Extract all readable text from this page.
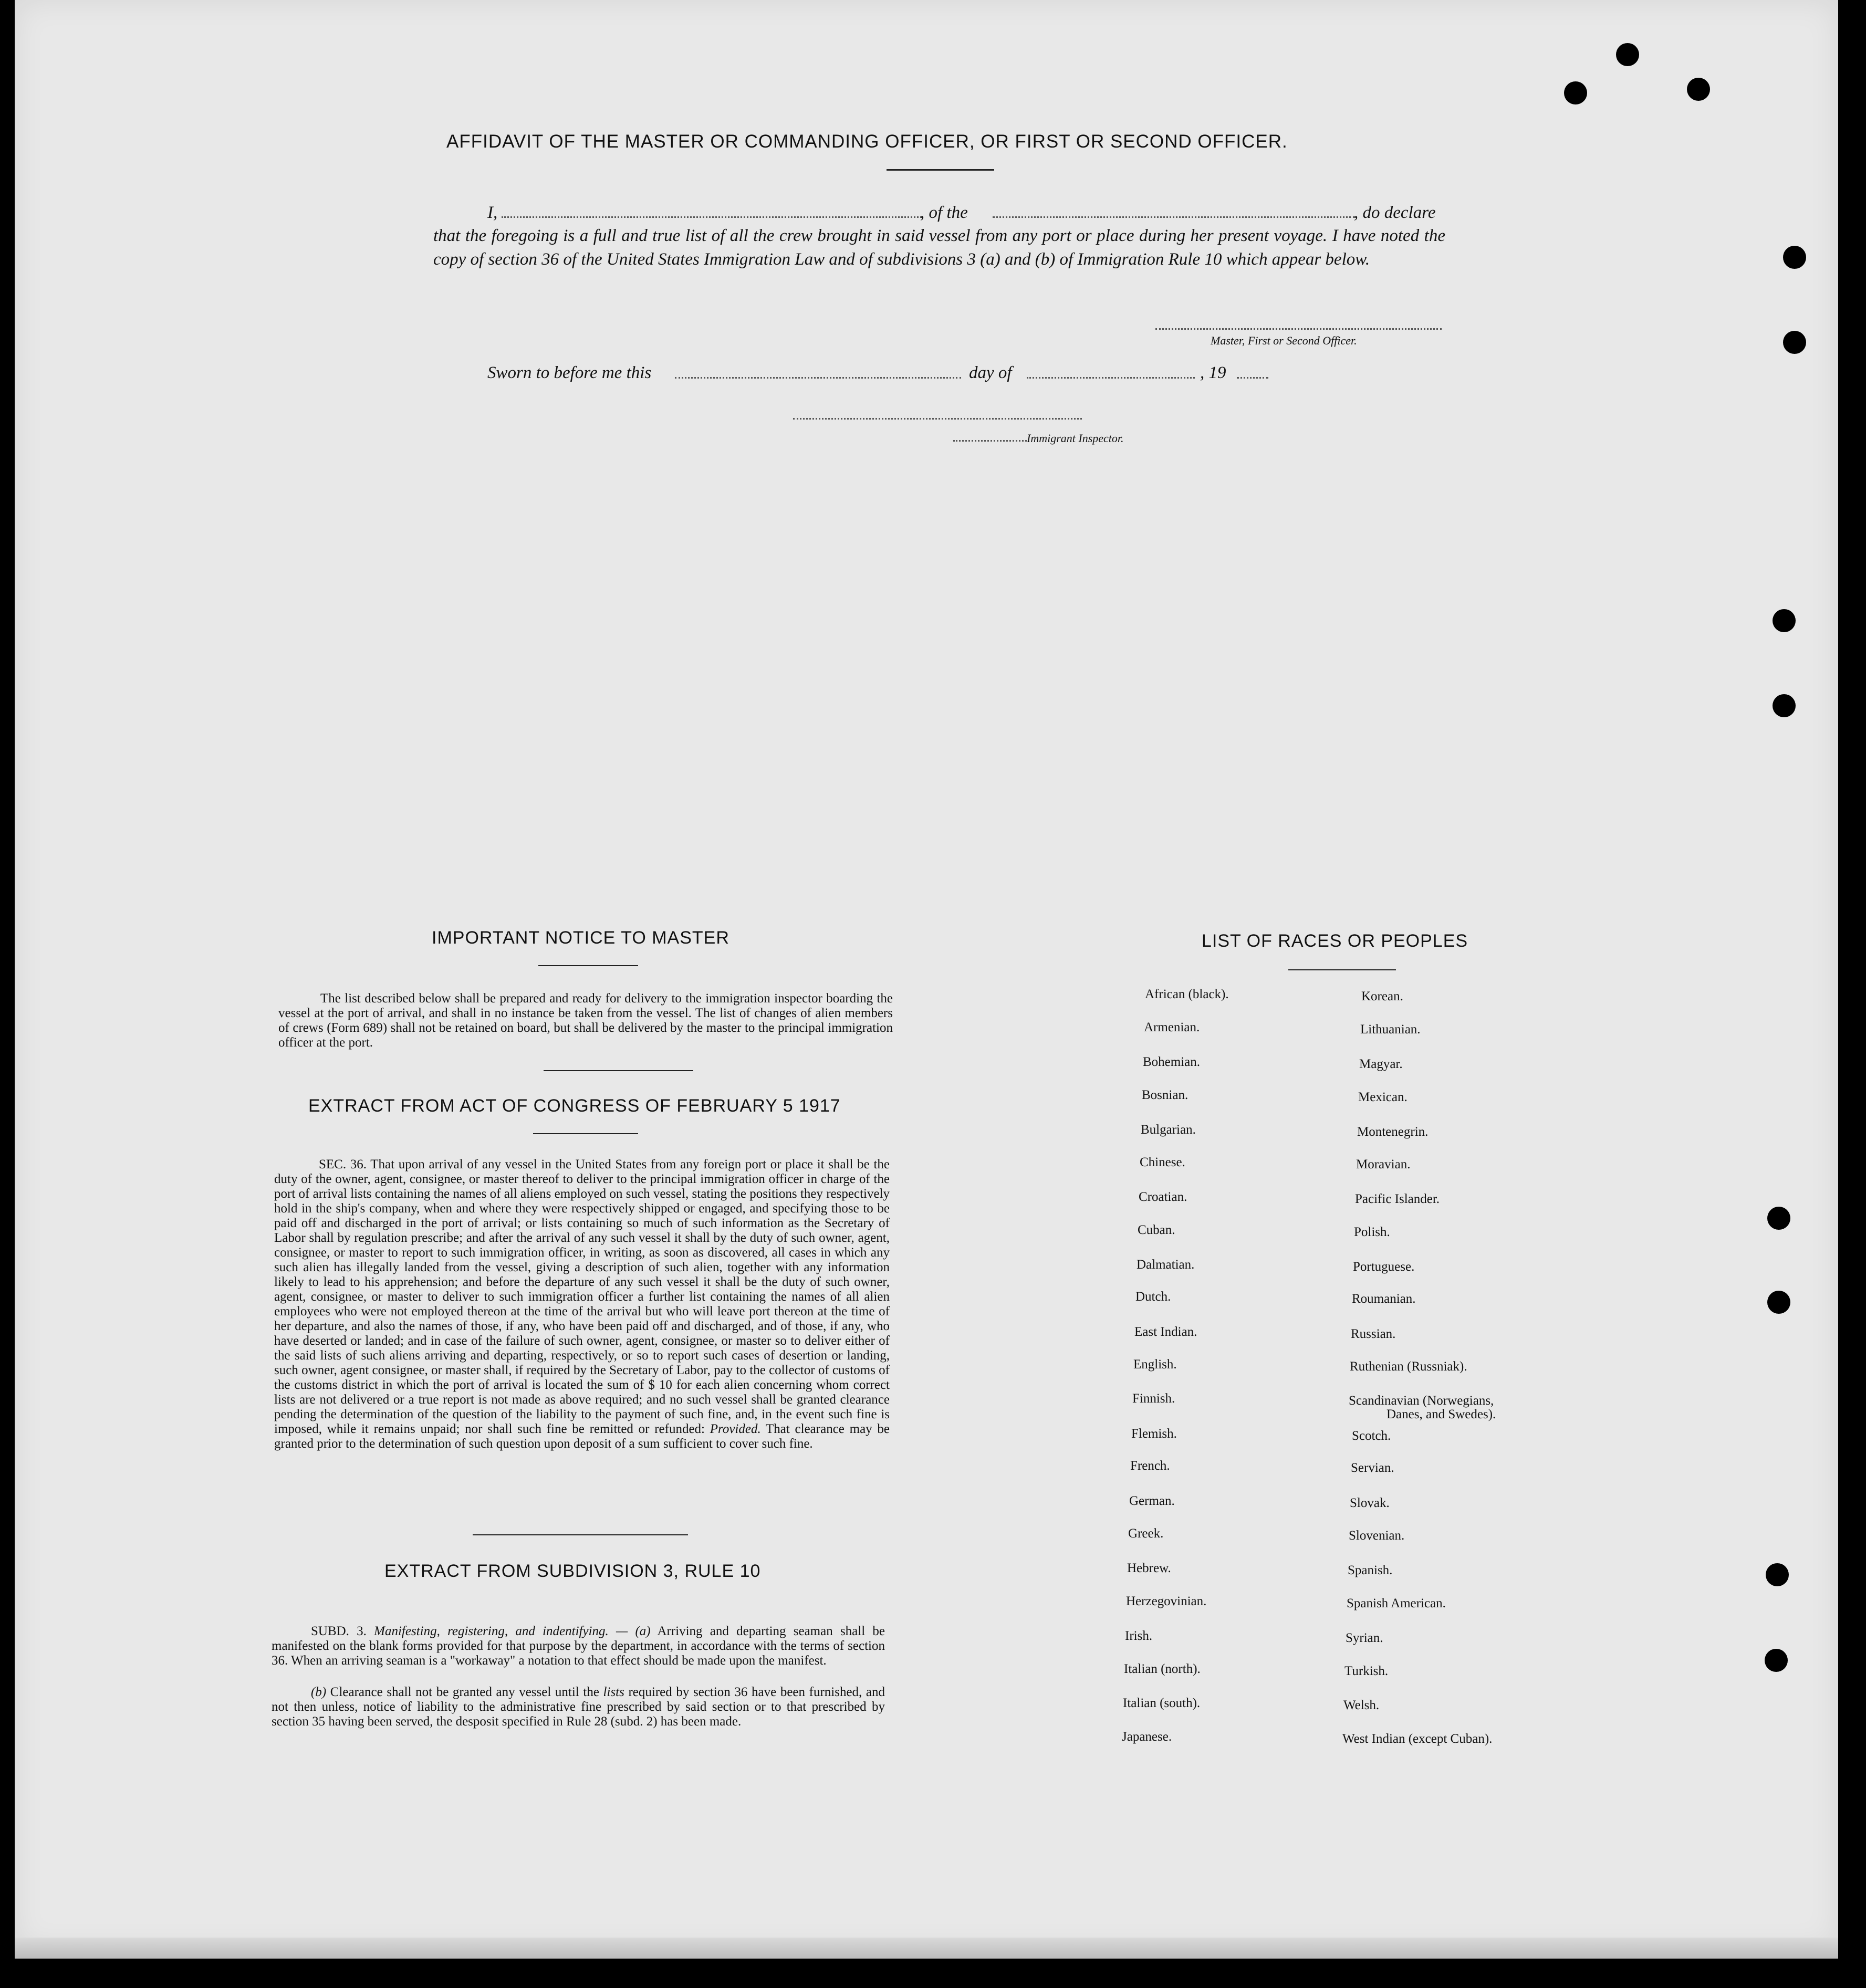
AFFIDAVIT OF THE MASTER OR COMMANDING OFFICER, OR FIRST OR SECOND OFFICER.
I,	, of the	, do declare
that the foregoing is a full and true list of all the crew brought in said vessel from any port or place during her present voyage. I have noted the copy of section 36 of the United States Immigration Law and of subdivisions 3 (a) and (b) of Immigration Rule 10 which appear below.
Master, First or Second Officer.
Sworn to before me this	day of	, 19
Immigrant Inspector.
IMPORTANT NOTICE TO MASTER
The list described below shall be prepared and ready for delivery to the immigration inspector boarding the vessel at the port of arrival, and shall in no instance be taken from the vessel. The list of changes of alien members of crews (Form 689) shall not be retained on board, but shall be delivered by the master to the principal immigration officer at the port.
EXTRACT FROM ACT OF CONGRESS OF FEBRUARY 5 1917
SEC. 36. That upon arrival of any vessel in the United States from any foreign port or place it shall be the duty of the owner, agent, consignee, or master thereof to deliver to the principal immigration officer in charge of the port of arrival lists containing the names of all aliens employed on such vessel, stating the positions they respectively hold in the ship's company, when and where they were respectively shipped or engaged, and specifying those to be paid off and discharged in the port of arrival; or lists containing so much of such information as the Secretary of Labor shall by regulation prescribe; and after the arrival of any such vessel it shall by the duty of such owner, agent, consignee, or master to report to such immigration officer, in writing, as soon as discovered, all cases in which any such alien has illegally landed from the vessel, giving a description of such alien, together with any information likely to lead to his apprehension; and before the departure of any such vessel it shall be the duty of such owner, agent, consignee, or master to deliver to such immigration officer a further list containing the names of all alien employees who were not employed thereon at the time of the arrival but who will leave port thereon at the time of her departure, and also the names of those, if any, who have been paid off and discharged, and of those, if any, who have deserted or landed; and in case of the failure of such owner, agent, consignee, or master so to deliver either of the said lists of such aliens arriving and departing, respectively, or so to report such cases of desertion or landing, such owner, agent consignee, or master shall, if required by the Secretary of Labor, pay to the collector of customs of the customs district in which the port of arrival is located the sum of $ 10 for each alien concerning whom correct lists are not delivered or a true report is not made as above required; and no such vessel shall be granted clearance pending the determination of the question of the liability to the payment of such fine, and, in the event such fine is imposed, while it remains unpaid; nor shall such fine be remitted or refunded: Provided. That clearance may be granted prior to the determination of such question upon deposit of a sum sufficient to cover such fine.
EXTRACT FROM SUBDIVISION 3, RULE 10
SUBD. 3. Manifesting, registering, and indentifying. — (a) Arriving and departing seaman shall be manifested on the blank forms provided for that purpose by the department, in accordance with the terms of section 36. When an arriving seaman is a "workaway" a notation to that effect should be made upon the manifest.
(b) Clearance shall not be granted any vessel until the lists required by section 36 have been furnished, and not then unless, notice of liability to the administrative fine prescribed by said section or to that prescribed by section 35 having been served, the desposit specified in Rule 28 (subd. 2) has been made.
LIST OF RACES OR PEOPLES
African (black).
Armenian.
Bohemian.
Bosnian.
Bulgarian.
Chinese.
Croatian.
Cuban.
Dalmatian.
Dutch.
East Indian.
English.
Finnish.
Flemish.
French.
German.
Greek.
Hebrew.
Herzegovinian.
Irish.
Italian (north).
Italian (south).
Japanese.
Korean.
Lithuanian.
Magyar.
Mexican.
Montenegrin.
Moravian.
Pacific Islander.
Polish.
Portuguese.
Roumanian.
Russian.
Ruthenian (Russniak).
Scandinavian (Norwegians,
Danes, and Swedes).
Scotch.
Servian.
Slovak.
Slovenian.
Spanish.
Spanish American.
Syrian.
Turkish.
Welsh.
West Indian (except Cuban).
